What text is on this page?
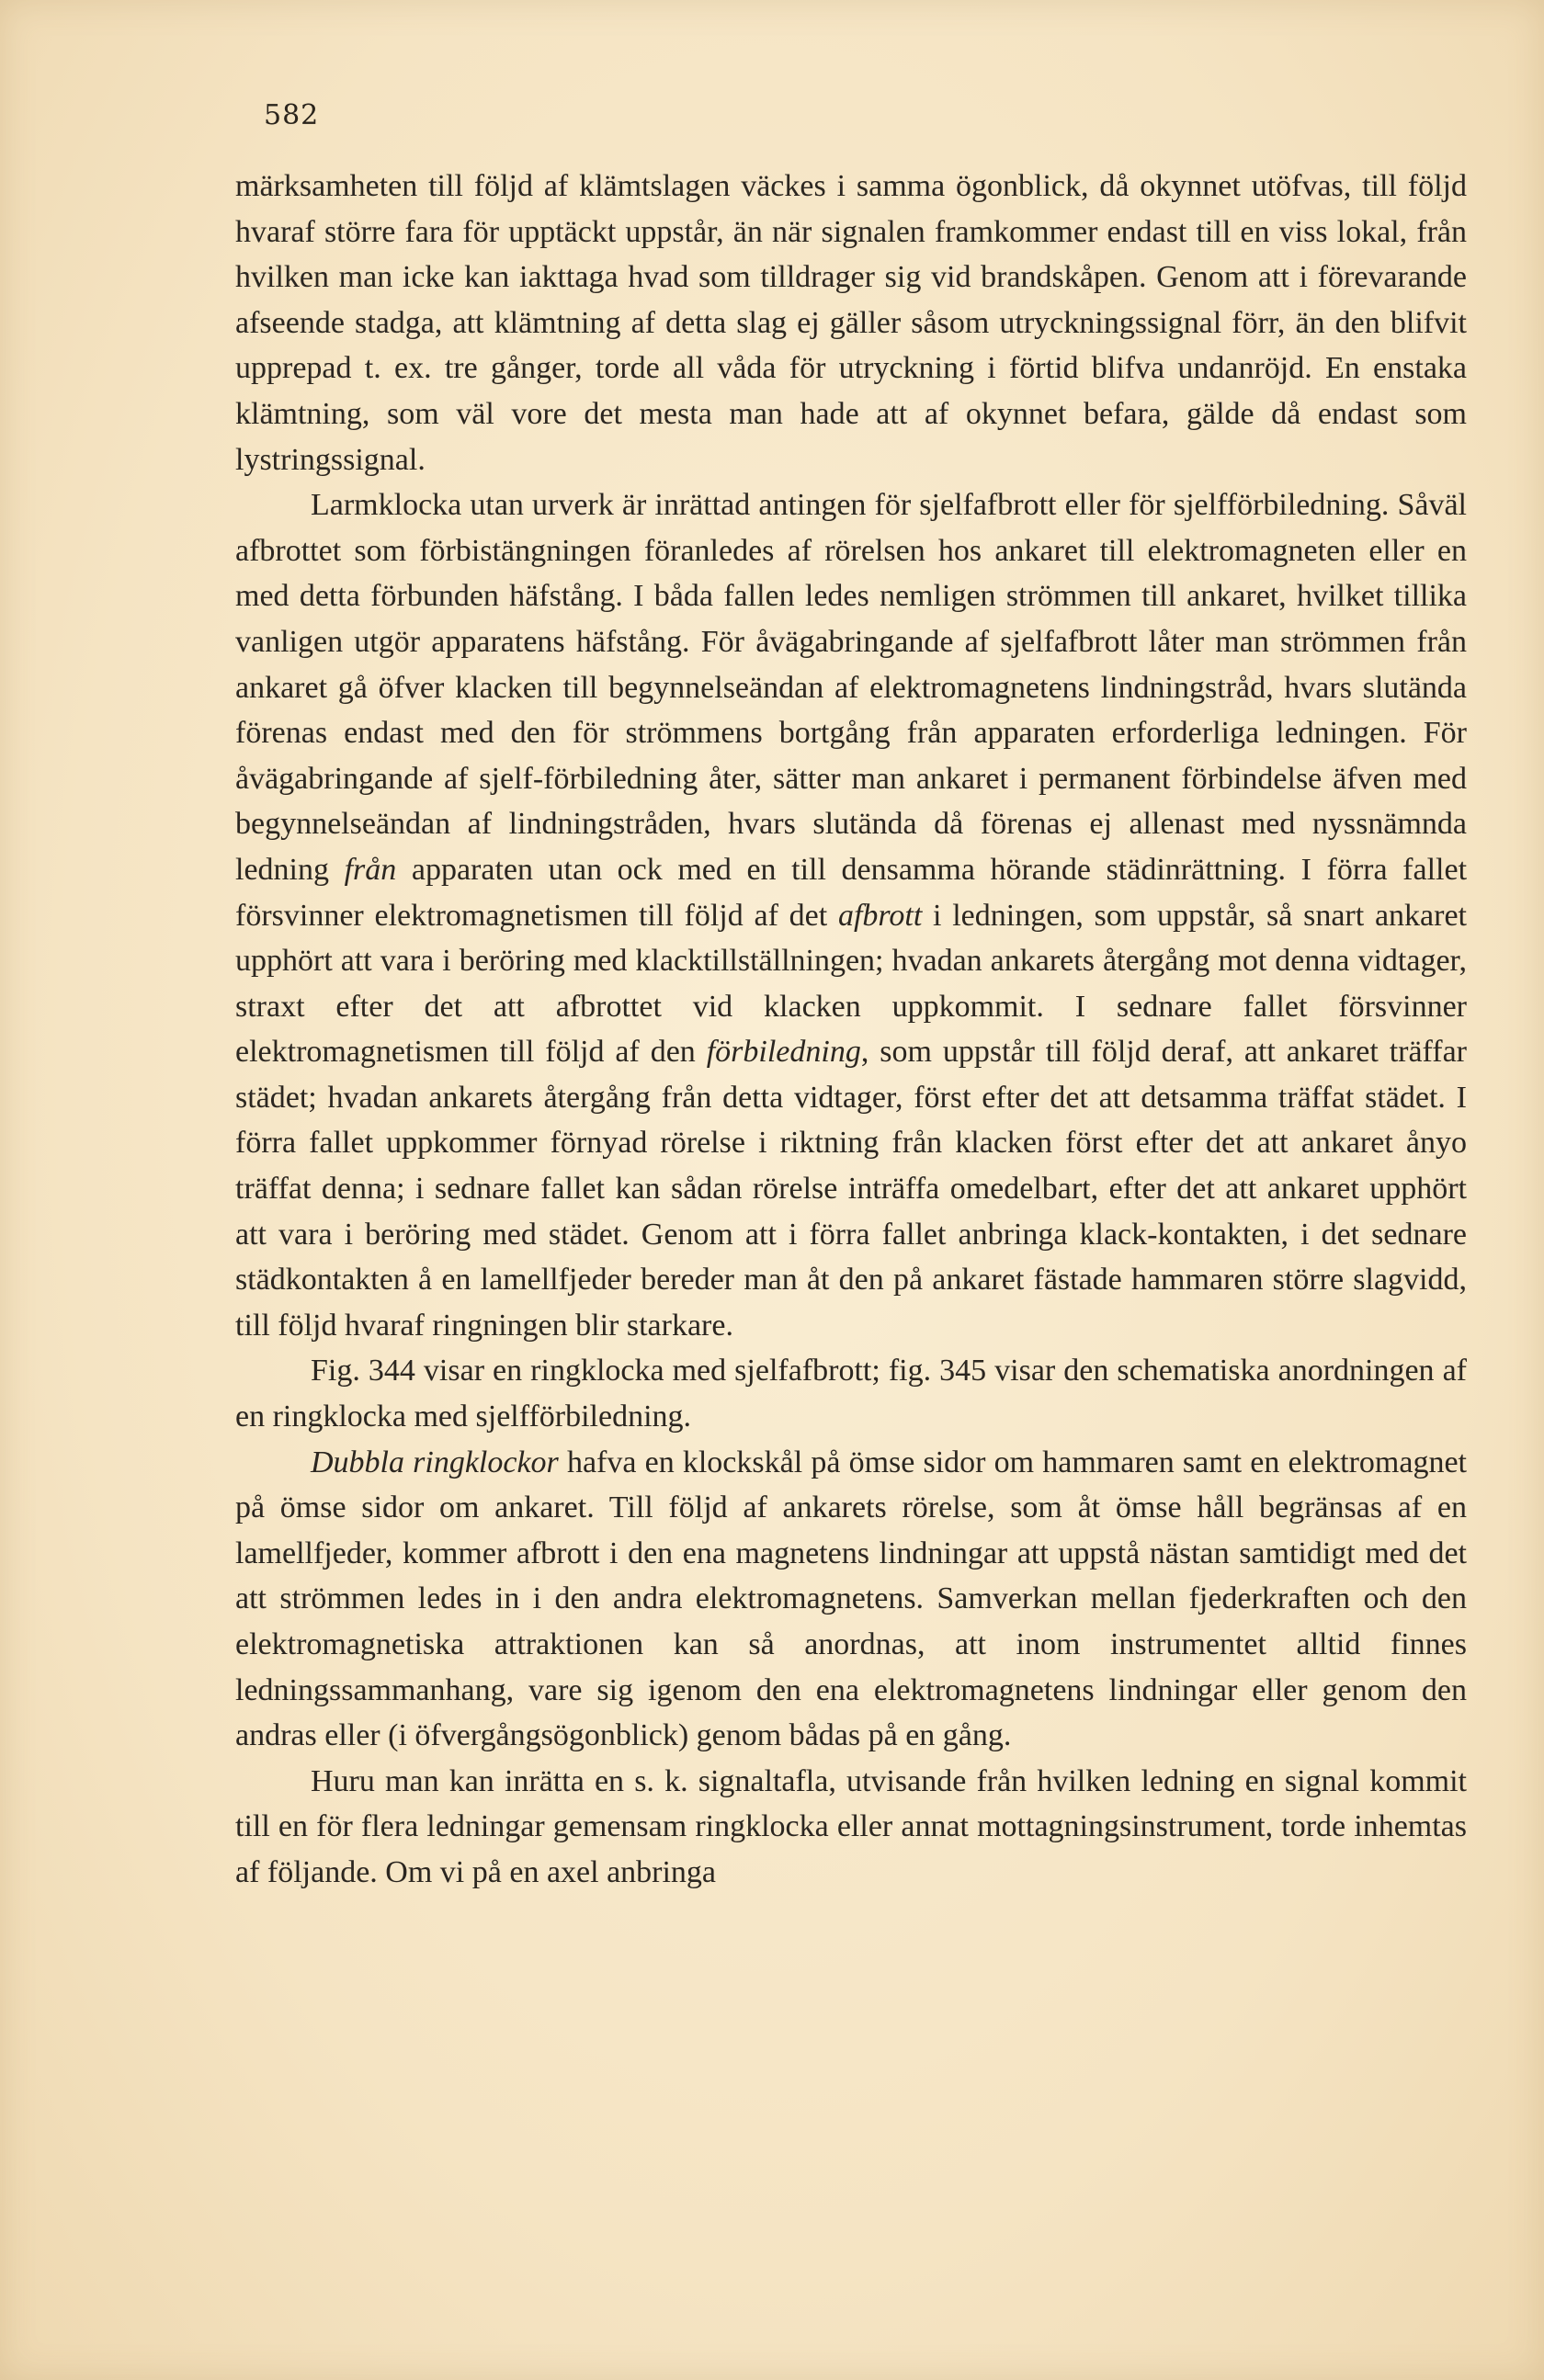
582

märksamheten till följd af klämtslagen väckes i samma ögonblick, då okynnet utöfvas, till följd hvaraf större fara för upptäckt uppstår, än när signalen framkommer endast till en viss lokal, från hvilken man icke kan iakttaga hvad som tilldrager sig vid brandskåpen. Genom att i förevarande afseende stadga, att klämtning af detta slag ej gäller såsom utryckningssignal förr, än den blifvit upprepad t. ex. tre gånger, torde all våda för utryckning i förtid blifva undanröjd. En enstaka klämtning, som väl vore det mesta man hade att af okynnet befara, gälde då endast som lystringssignal.

Larmklocka utan urverk är inrättad antingen för sjelfafbrott eller för sjelfförbiledning. Såväl afbrottet som förbistängningen föranledes af rörelsen hos ankaret till elektromagneten eller en med detta förbunden häfstång. I båda fallen ledes nemligen strömmen till ankaret, hvilket tillika vanligen utgör apparatens häfstång. För åvägabringande af sjelfafbrott låter man strömmen från ankaret gå öfver klacken till begynnelseändan af elektromagnetens lindningstråd, hvars slutända förenas endast med den för strömmens bortgång från apparaten erforderliga ledningen. För åvägabringande af sjelf-förbiledning åter, sätter man ankaret i permanent förbindelse äfven med begynnelseändan af lindningstråden, hvars slutända då förenas ej allenast med nyssnämnda ledning från apparaten utan ock med en till densamma hörande städinrättning. I förra fallet försvinner elektromagnetismen till följd af det afbrott i ledningen, som uppstår, så snart ankaret upphört att vara i beröring med klacktillställningen; hvadan ankarets återgång mot denna vidtager, straxt efter det att afbrottet vid klacken uppkommit. I sednare fallet försvinner elektromagnetismen till följd af den förbiledning, som uppstår till följd deraf, att ankaret träffar städet; hvadan ankarets återgång från detta vidtager, först efter det att detsamma träffat städet. I förra fallet uppkommer förnyad rörelse i riktning från klacken först efter det att ankaret ånyo träffat denna; i sednare fallet kan sådan rörelse inträffa omedelbart, efter det att ankaret upphört att vara i beröring med städet. Genom att i förra fallet anbringa klack-kontakten, i det sednare städkontakten å en lamellfjeder bereder man åt den på ankaret fästade hammaren större slagvidd, till följd hvaraf ringningen blir starkare.

Fig. 344 visar en ringklocka med sjelfafbrott; fig. 345 visar den schematiska anordningen af en ringklocka med sjelfförbiledning.

Dubbla ringklockor hafva en klockskål på ömse sidor om hammaren samt en elektromagnet på ömse sidor om ankaret. Till följd af ankarets rörelse, som åt ömse håll begränsas af en lamellfjeder, kommer afbrott i den ena magnetens lindningar att uppstå nästan samtidigt med det att strömmen ledes in i den andra elektromagnetens. Samverkan mellan fjederkraften och den elektromagnetiska attraktionen kan så anordnas, att inom instrumentet alltid finnes ledningssammanhang, vare sig igenom den ena elektromagnetens lindningar eller genom den andras eller (i öfvergångsögonblick) genom bådas på en gång.

Huru man kan inrätta en s. k. signaltafla, utvisande från hvilken ledning en signal kommit till en för flera ledningar gemensam ringklocka eller annat mottagningsinstrument, torde inhemtas af följande. Om vi på en axel anbringa
